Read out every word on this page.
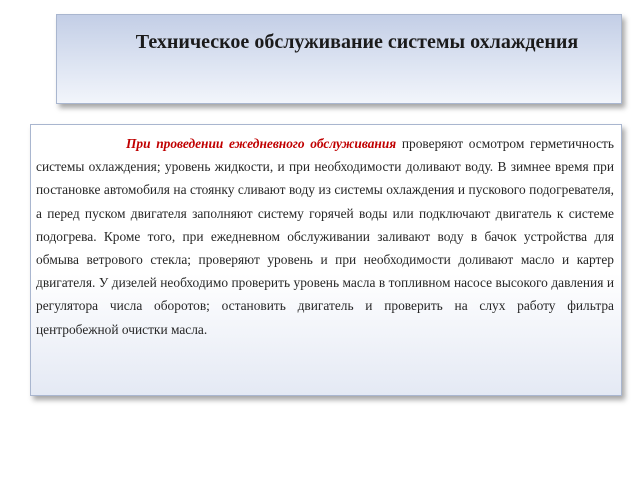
Техническое обслуживание системы охлаждения

При проведении ежедневного обслуживания проверяют осмотром герметичность системы охлаждения; уровень жидкости, и при необходимости доливают воду. В зимнее время при постановке автомобиля на стоянку сливают воду из системы охлаждения и пускового подогревателя, а перед пуском двигателя заполняют систему горячей воды или подключают двигатель к системе подогрева. Кроме того, при ежедневном обслуживании заливают воду в бачок устройства для обмыва ветрового стекла; проверяют уровень и при необходимости доливают масло и картер двигателя. У дизелей необходимо проверить уровень масла в топливном насосе высокого давления и регулятора числа оборотов; остановить двигатель и проверить на слух работу фильтра центробежной очистки масла.
